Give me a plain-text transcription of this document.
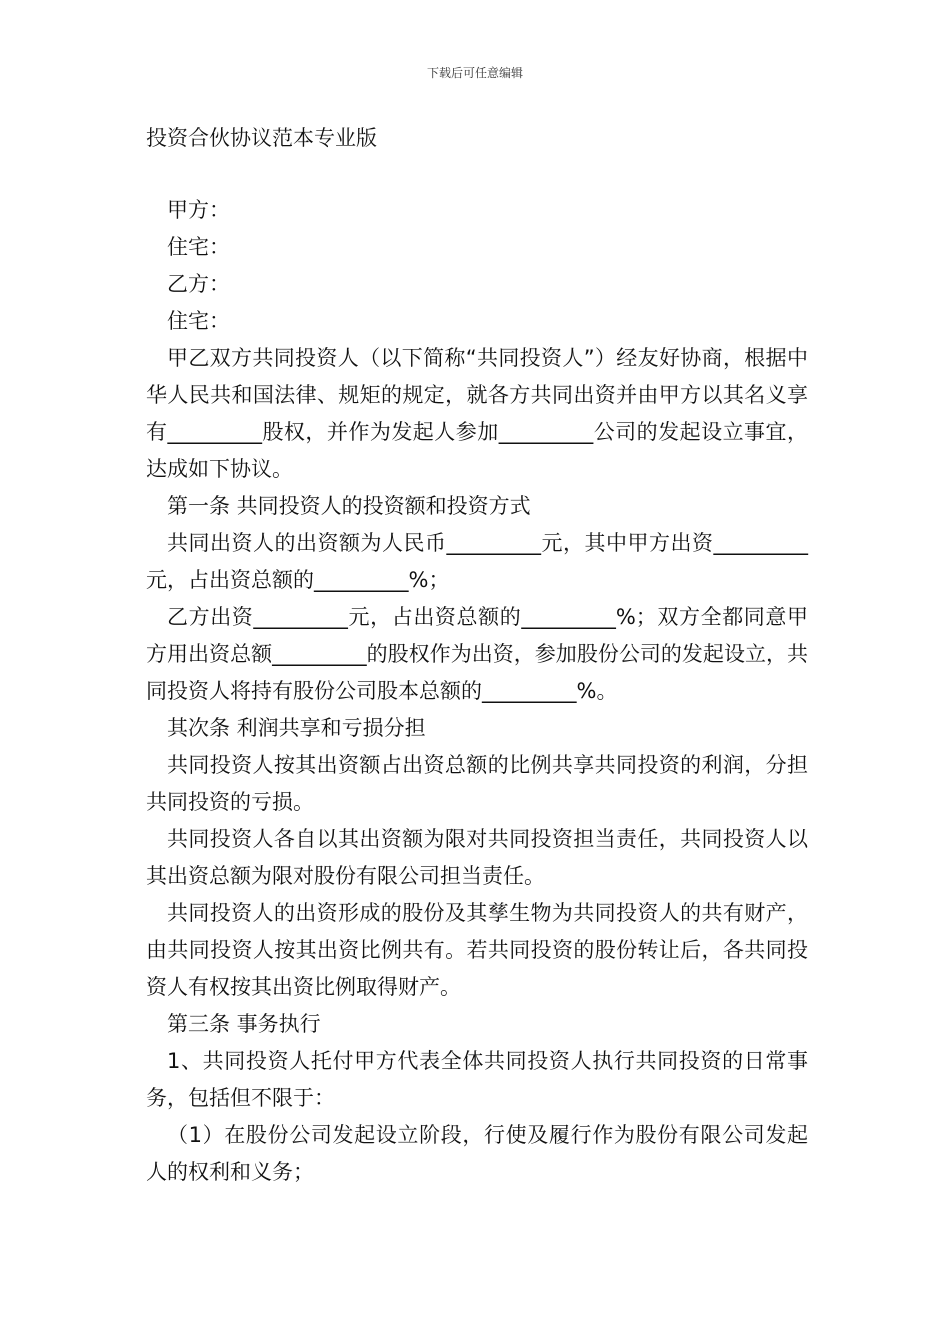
下载后可任意编辑
投资合伙协议范本专业版

甲方：

住宅：

乙方：

住宅：

甲乙双方共同投资人（以下简称“共同投资人”）经友好协商，根据中华人民共和国法律、规矩的规定，就各方共同出资并由甲方以其名义享有_________股权，并作为发起人参加_________公司的发起设立事宜，达成如下协议。

第一条 共同投资人的投资额和投资方式

共同出资人的出资额为人民币_________元，其中甲方出资_________元，占出资总额的_________%；

乙方出资_________元，占出资总额的_________%；双方全都同意甲方用出资总额_________的股权作为出资，参加股份公司的发起设立，共同投资人将持有股份公司股本总额的_________%。

其次条 利润共享和亏损分担

共同投资人按其出资额占出资总额的比例共享共同投资的利润，分担共同投资的亏损。

共同投资人各自以其出资额为限对共同投资担当责任，共同投资人以其出资总额为限对股份有限公司担当责任。

共同投资人的出资形成的股份及其孳生物为共同投资人的共有财产，由共同投资人按其出资比例共有。若共同投资的股份转让后，各共同投资人有权按其出资比例取得财产。

第三条 事务执行

1、共同投资人托付甲方代表全体共同投资人执行共同投资的日常事务，包括但不限于：

（1）在股份公司发起设立阶段，行使及履行作为股份有限公司发起人的权利和义务；
